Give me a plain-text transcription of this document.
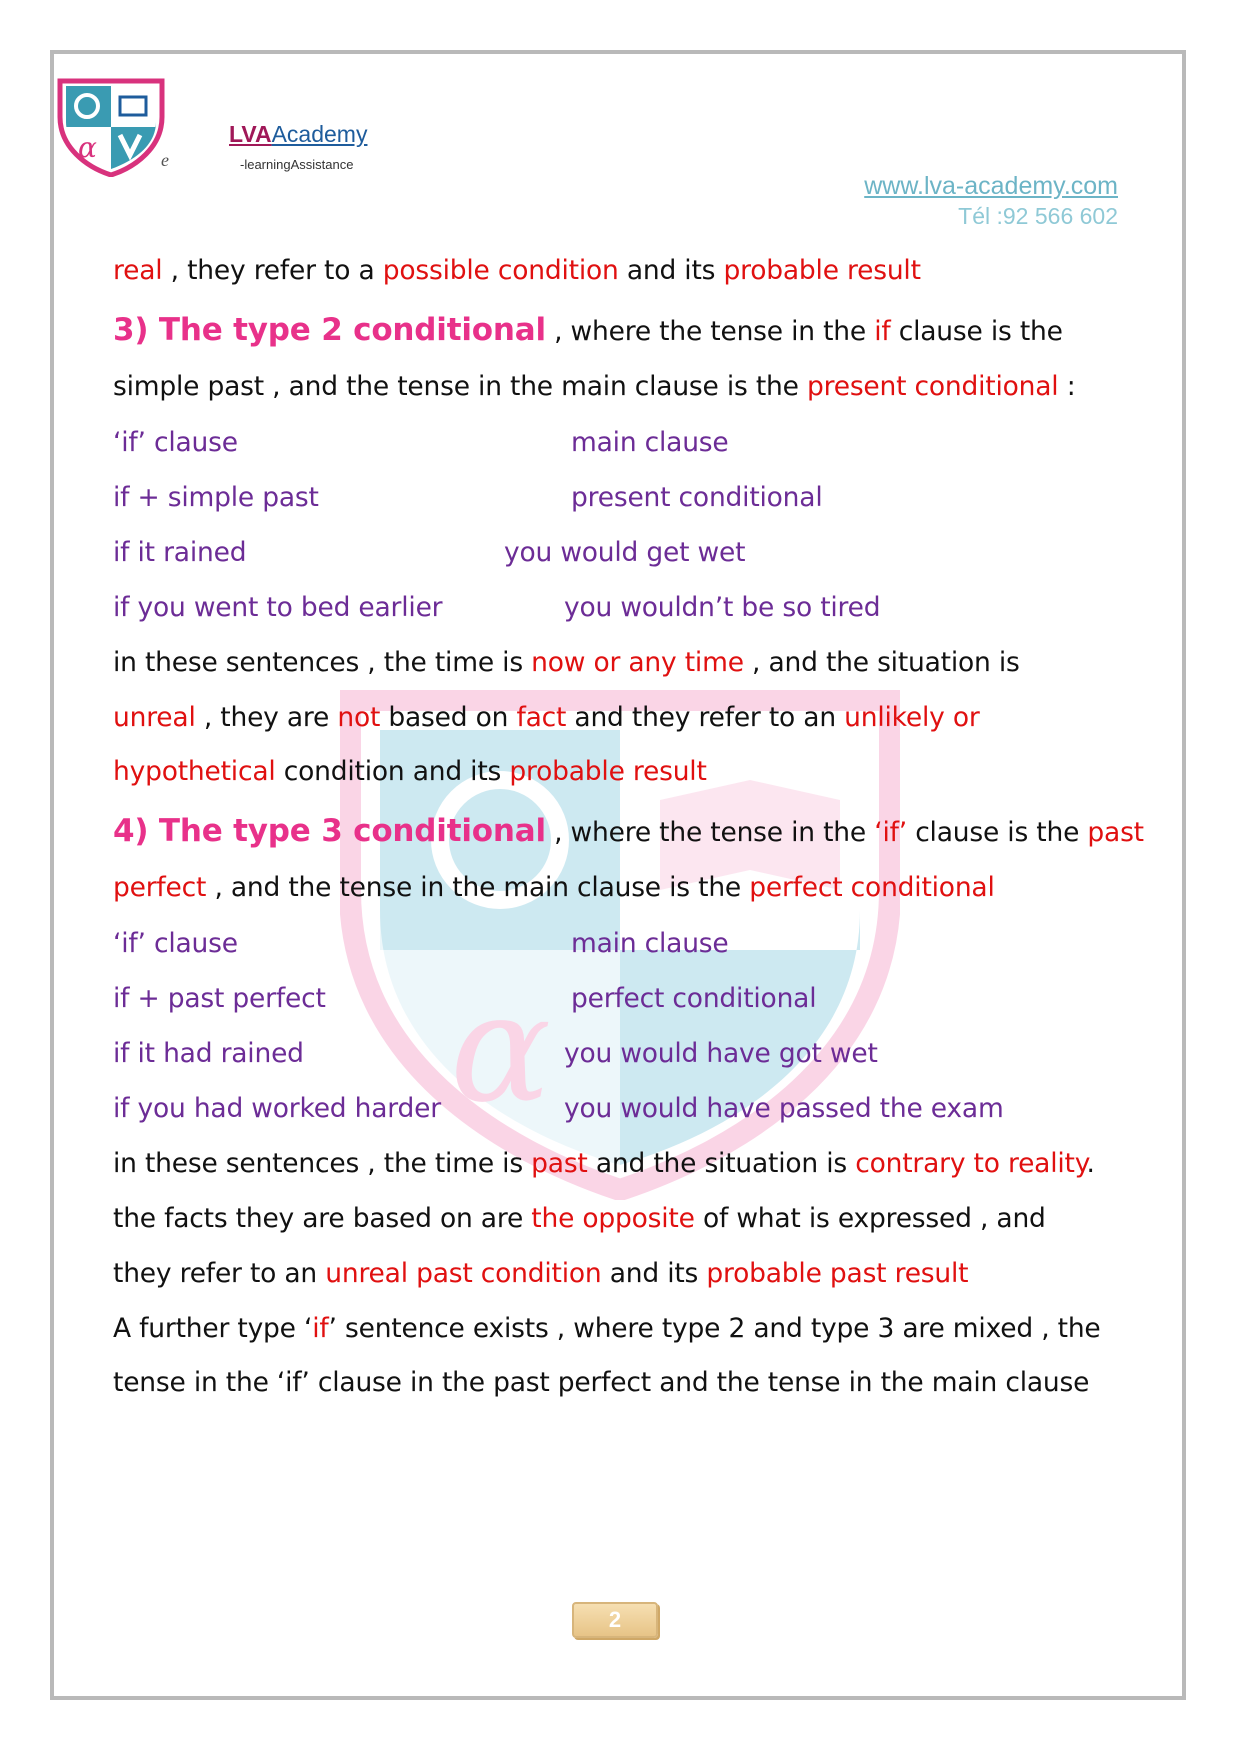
α	e
LVAAcademy
-learningAssistance
www.lva-academy.com
Tél :92 566 602
α
real , they refer to a possible condition and its probable result
3) The type 2 conditional , where the tense in the if clause is the
simple past , and the tense in the main clause is the present conditional :
‘if’ clause	main clause
if + simple past	present conditional
if it rained	you would get wet
if you went to bed earlier	you wouldn’t be so tired
in these sentences , the time is now or any time , and the situation is
unreal , they are not based on fact and they refer to an unlikely or
hypothetical condition and its probable result
4) The type 3 conditional , where the tense in the ‘if’ clause is the past
perfect , and the tense in the main clause is the perfect conditional
‘if’ clause	main clause
if + past perfect	perfect conditional
if it had rained	you would have got wet
if you had worked harder	you would have passed the exam
in these sentences , the time is past and the situation is contrary to reality.
the facts they are based on are the opposite of what is expressed , and
they refer to an unreal past condition and its probable past result
A further type ‘if’ sentence exists , where type 2 and type 3 are mixed , the
tense in the ‘if’ clause in the past perfect and the tense in the main clause
2
